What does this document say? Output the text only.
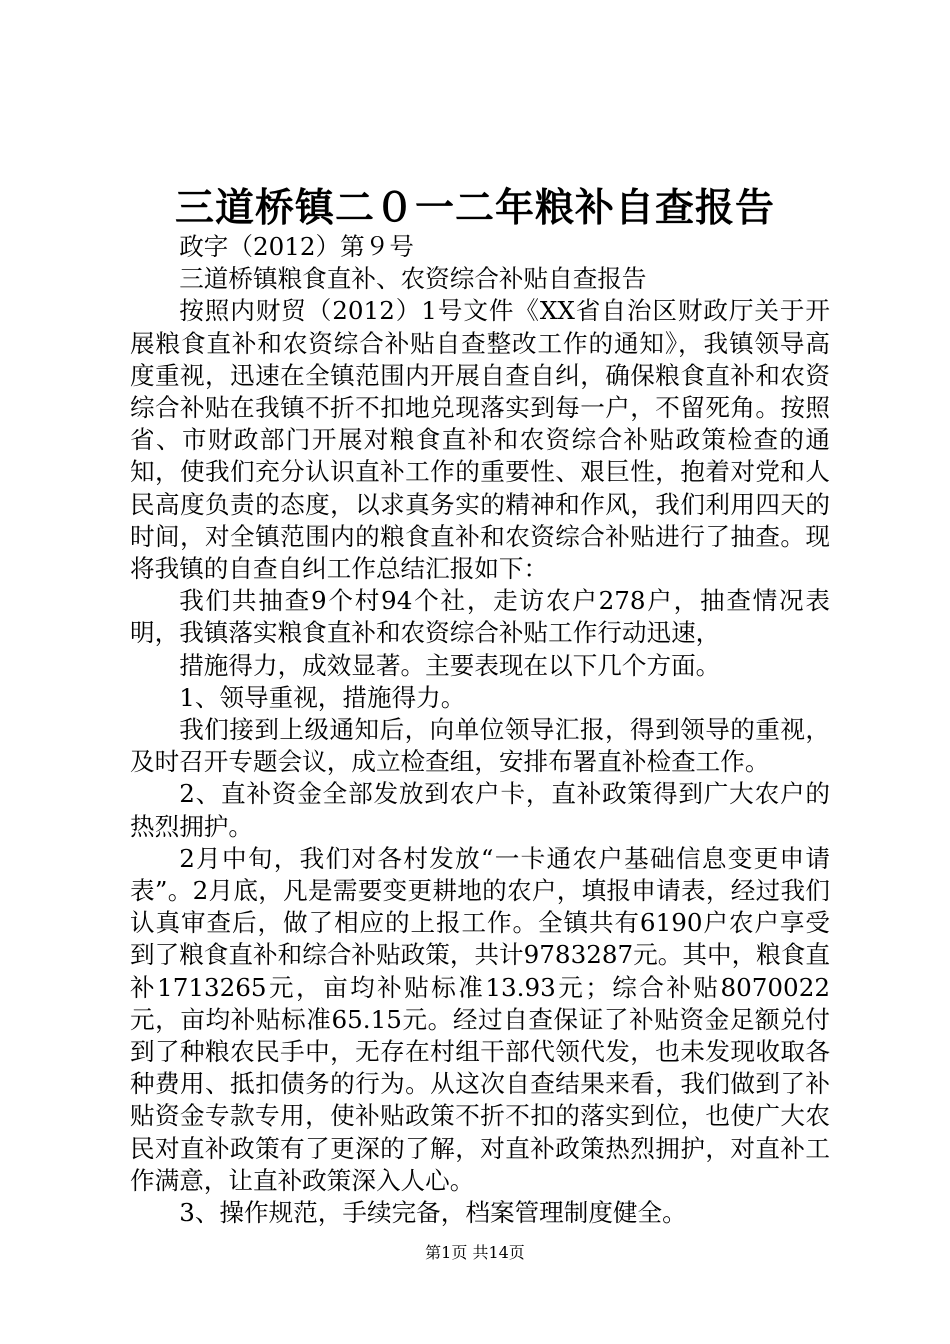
三道桥镇二０一二年粮补自查报告

政字（2012）第９号

三道桥镇粮食直补、农资综合补贴自查报告

按照内财贸（2012）1号文件《XX省自治区财政厅关于开展粮食直补和农资综合补贴自查整改工作的通知》，我镇领导高度重视，迅速在全镇范围内开展自查自纠，确保粮食直补和农资综合补贴在我镇不折不扣地兑现落实到每一户，不留死角。按照省、市财政部门开展对粮食直补和农资综合补贴政策检查的通知，使我们充分认识直补工作的重要性、艰巨性，抱着对党和人民高度负责的态度，以求真务实的精神和作风，我们利用四天的时间，对全镇范围内的粮食直补和农资综合补贴进行了抽查。现将我镇的自查自纠工作总结汇报如下：

我们共抽查9个村94个社，走访农户278户，抽查情况表明，我镇落实粮食直补和农资综合补贴工作行动迅速，

措施得力，成效显著。主要表现在以下几个方面。

1、领导重视，措施得力。

我们接到上级通知后，向单位领导汇报，得到领导的重视，及时召开专题会议，成立检查组，安排布署直补检查工作。

2、直补资金全部发放到农户卡，直补政策得到广大农户的热烈拥护。

2月中旬，我们对各村发放“一卡通农户基础信息变更申请表”。2月底，凡是需要变更耕地的农户，填报申请表，经过我们认真审查后，做了相应的上报工作。全镇共有6190户农户享受到了粮食直补和综合补贴政策，共计9783287元。其中，粮食直补1713265元，亩均补贴标准13.93元；综合补贴8070022元，亩均补贴标准65.15元。经过自查保证了补贴资金足额兑付到了种粮农民手中，无存在村组干部代领代发，也未发现收取各种费用、抵扣债务的行为。从这次自查结果来看，我们做到了补贴资金专款专用，使补贴政策不折不扣的落实到位，也使广大农民对直补政策有了更深的了解，对直补政策热烈拥护，对直补工作满意，让直补政策深入人心。

3、操作规范，手续完备，档案管理制度健全。

第1页 共14页
